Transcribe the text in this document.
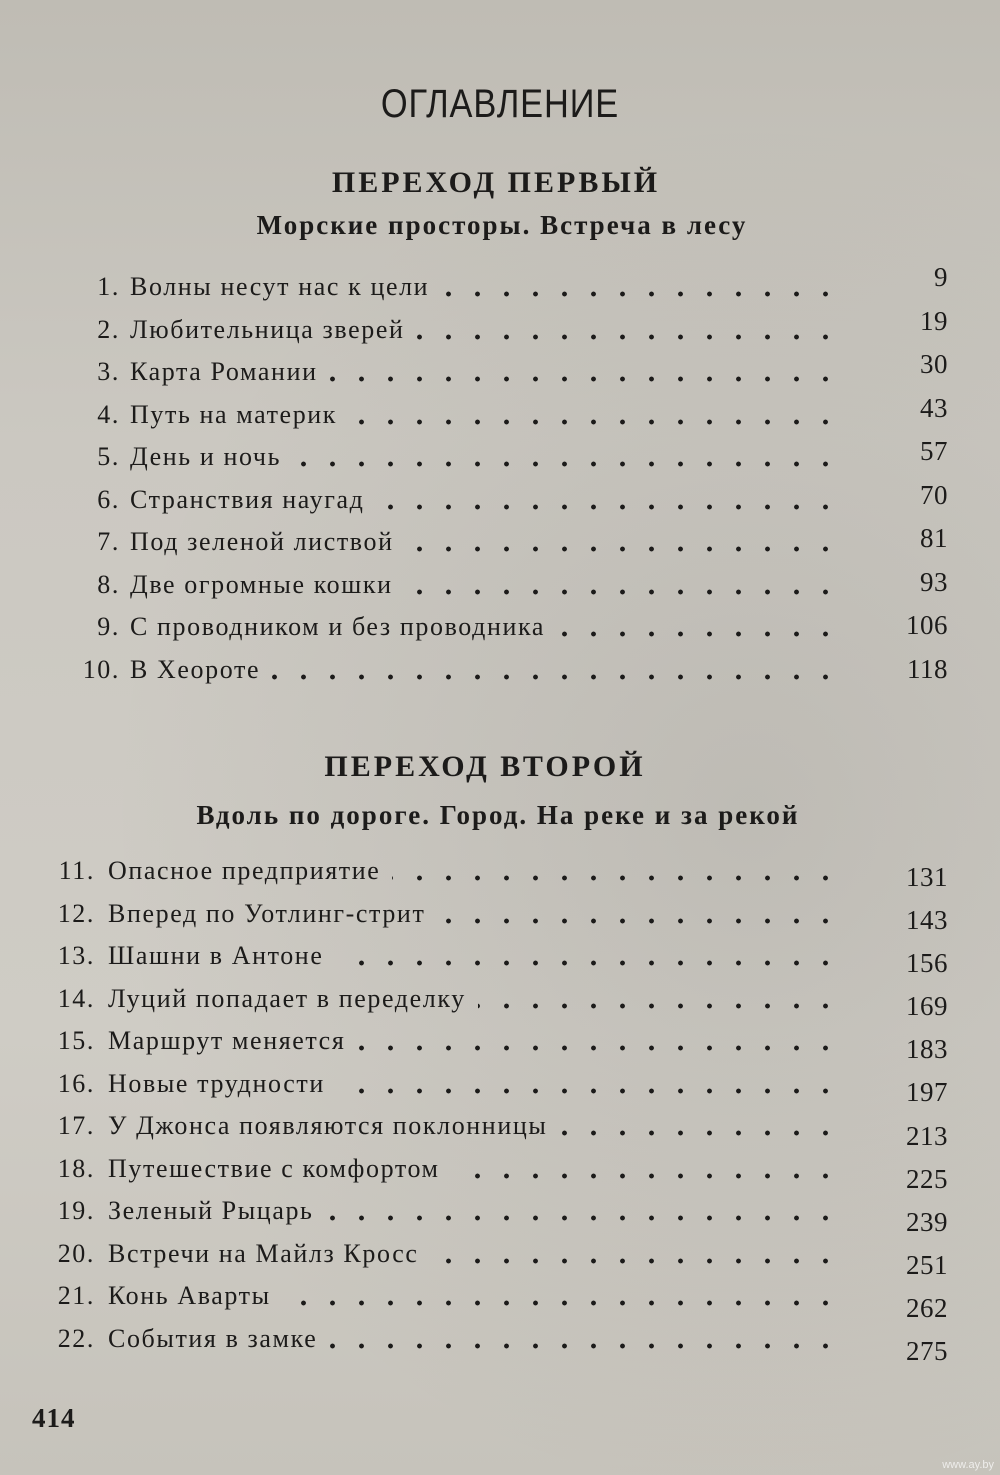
ОГЛАВЛЕНИЕ
ПЕРЕХОД ПЕРВЫЙ
Морские просторы. Встреча в лесу
1. Волны несут нас к цели
2. Любительница зверей
3. Карта Романии
4. Путь на материк
5. День и ночь
6. Странствия наугад
7. Под зеленой листвой
8. Две огромные кошки
9. С проводником и без проводника
10. В Хеороте
9
19
30
43
57
70
81
93
106
118
ПЕРЕХОД ВТОРОЙ
Вдоль по дороге. Город. На реке и за рекой
11. Опасное предприятие
12. Вперед по Уотлинг-стрит
13. Шашни в Антоне
14. Луций попадает в переделку
15. Маршрут меняется
16. Новые трудности
17. У Джонса появляются поклонницы
18. Путешествие с комфортом
19. Зеленый Рыцарь
20. Встречи на Майлз Кросс
21. Конь Аварты
22. События в замке
131
143
156
169
183
197
213
225
239
251
262
275
414
www.ay.by
